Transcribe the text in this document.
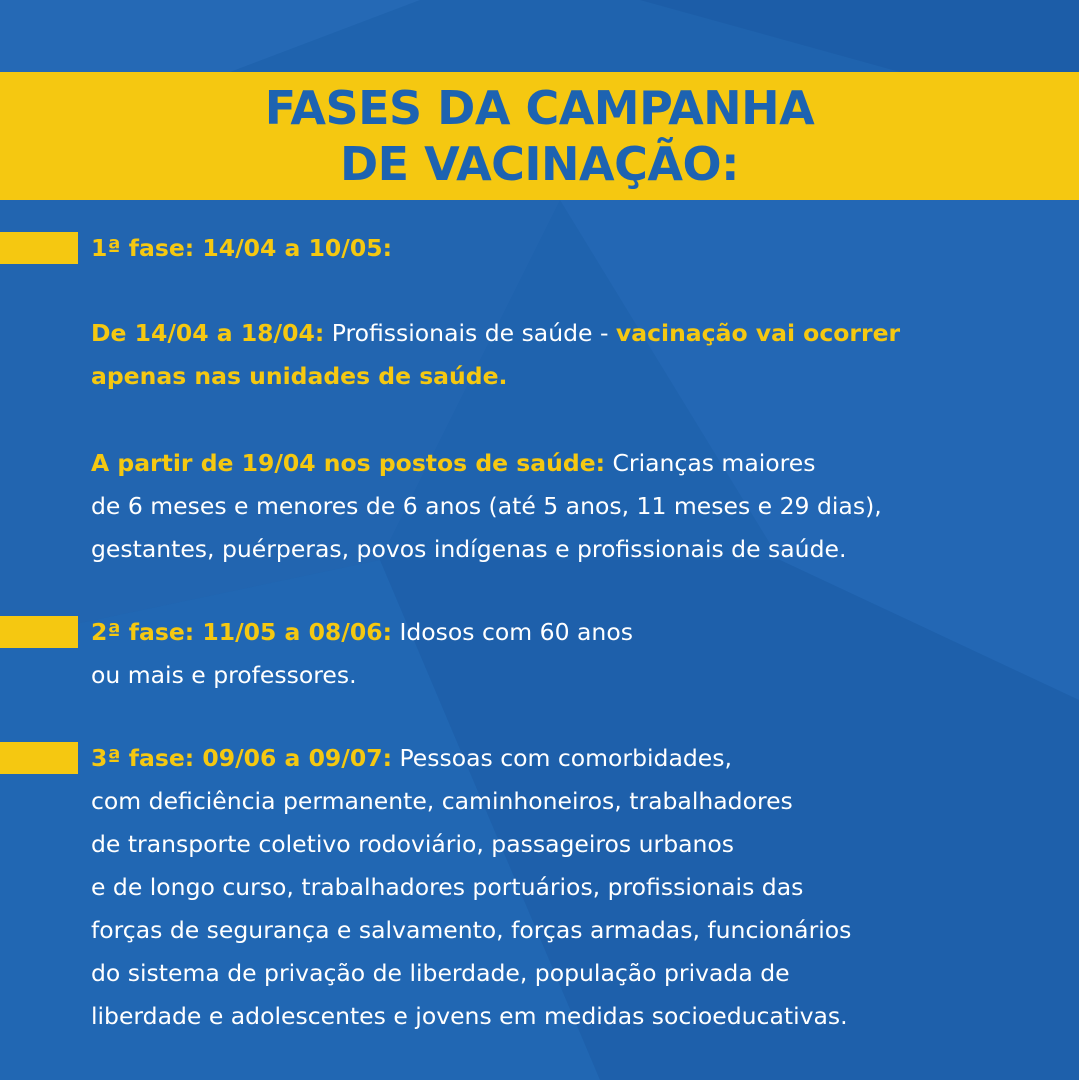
FASES DA CAMPANHA
DE VACINAÇÃO:
1ª fase: 14/04 a 10/05:
De 14/04 a 18/04: Profissionais de saúde - vacinação vai ocorrer
apenas nas unidades de saúde.
A partir de 19/04 nos postos de saúde: Crianças maiores
de 6 meses e menores de 6 anos (até 5 anos, 11 meses e 29 dias),
gestantes, puérperas, povos indígenas e profissionais de saúde.
2ª fase: 11/05 a 08/06: Idosos com 60 anos
ou mais e professores.
3ª fase: 09/06 a 09/07: Pessoas com comorbidades,
com deficiência permanente, caminhoneiros, trabalhadores
de transporte coletivo rodoviário, passageiros urbanos
e de longo curso, trabalhadores portuários, profissionais das
forças de segurança e salvamento, forças armadas, funcionários
do sistema de privação de liberdade, população privada de
liberdade e adolescentes e jovens em medidas socioeducativas.
